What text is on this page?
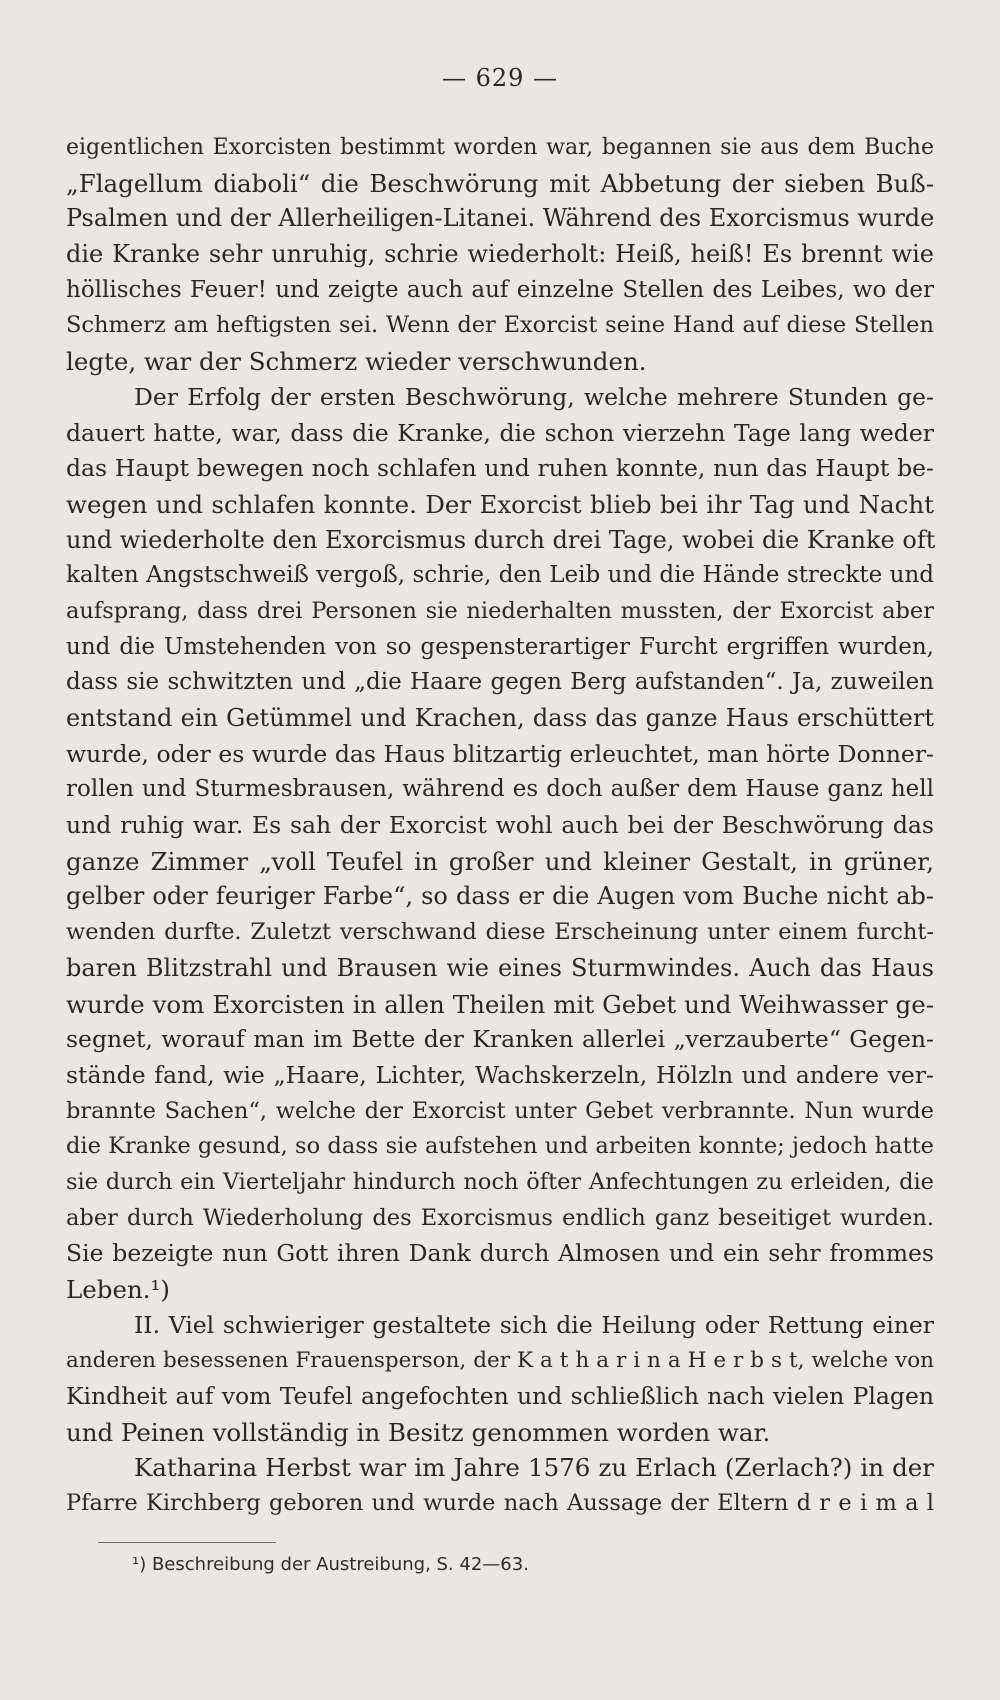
— 629 —
eigentlichen Exorcisten bestimmt worden war, begannen sie aus dem Buche
„Flagellum diaboli“ die Beschwörung mit Abbetung der sieben Buß-
Psalmen und der Allerheiligen-Litanei. Während des Exorcismus wurde
die Kranke sehr unruhig, schrie wiederholt: Heiß, heiß! Es brennt wie
höllisches Feuer! und zeigte auch auf einzelne Stellen des Leibes, wo der
Schmerz am heftigsten sei. Wenn der Exorcist seine Hand auf diese Stellen
legte, war der Schmerz wieder verschwunden.
Der Erfolg der ersten Beschwörung, welche mehrere Stunden ge-
dauert hatte, war, dass die Kranke, die schon vierzehn Tage lang weder
das Haupt bewegen noch schlafen und ruhen konnte, nun das Haupt be-
wegen und schlafen konnte. Der Exorcist blieb bei ihr Tag und Nacht
und wiederholte den Exorcismus durch drei Tage, wobei die Kranke oft
kalten Angstschweiß vergoß, schrie, den Leib und die Hände streckte und
aufsprang, dass drei Personen sie niederhalten mussten, der Exorcist aber
und die Umstehenden von so gespensterartiger Furcht ergriffen wurden,
dass sie schwitzten und „die Haare gegen Berg aufstanden“. Ja, zuweilen
entstand ein Getümmel und Krachen, dass das ganze Haus erschüttert
wurde, oder es wurde das Haus blitzartig erleuchtet, man hörte Donner-
rollen und Sturmesbrausen, während es doch außer dem Hause ganz hell
und ruhig war. Es sah der Exorcist wohl auch bei der Beschwörung das
ganze Zimmer „voll Teufel in großer und kleiner Gestalt, in grüner,
gelber oder feuriger Farbe“, so dass er die Augen vom Buche nicht ab-
wenden durfte. Zuletzt verschwand diese Erscheinung unter einem furcht-
baren Blitzstrahl und Brausen wie eines Sturmwindes. Auch das Haus
wurde vom Exorcisten in allen Theilen mit Gebet und Weihwasser ge-
segnet, worauf man im Bette der Kranken allerlei „verzauberte“ Gegen-
stände fand, wie „Haare, Lichter, Wachskerzeln, Hölzln und andere ver-
brannte Sachen“, welche der Exorcist unter Gebet verbrannte. Nun wurde
die Kranke gesund, so dass sie aufstehen und arbeiten konnte; jedoch hatte
sie durch ein Vierteljahr hindurch noch öfter Anfechtungen zu erleiden, die
aber durch Wiederholung des Exorcismus endlich ganz beseitiget wurden.
Sie bezeigte nun Gott ihren Dank durch Almosen und ein sehr frommes
Leben.¹)
II. Viel schwieriger gestaltete sich die Heilung oder Rettung einer
anderen besessenen Frauensperson, der K a t h a r i n a H e r b s t, welche von
Kindheit auf vom Teufel angefochten und schließlich nach vielen Plagen
und Peinen vollständig in Besitz genommen worden war.
Katharina Herbst war im Jahre 1576 zu Erlach (Zerlach?) in der
Pfarre Kirchberg geboren und wurde nach Aussage der Eltern d r e i m a l
¹) Beschreibung der Austreibung, S. 42—63.
